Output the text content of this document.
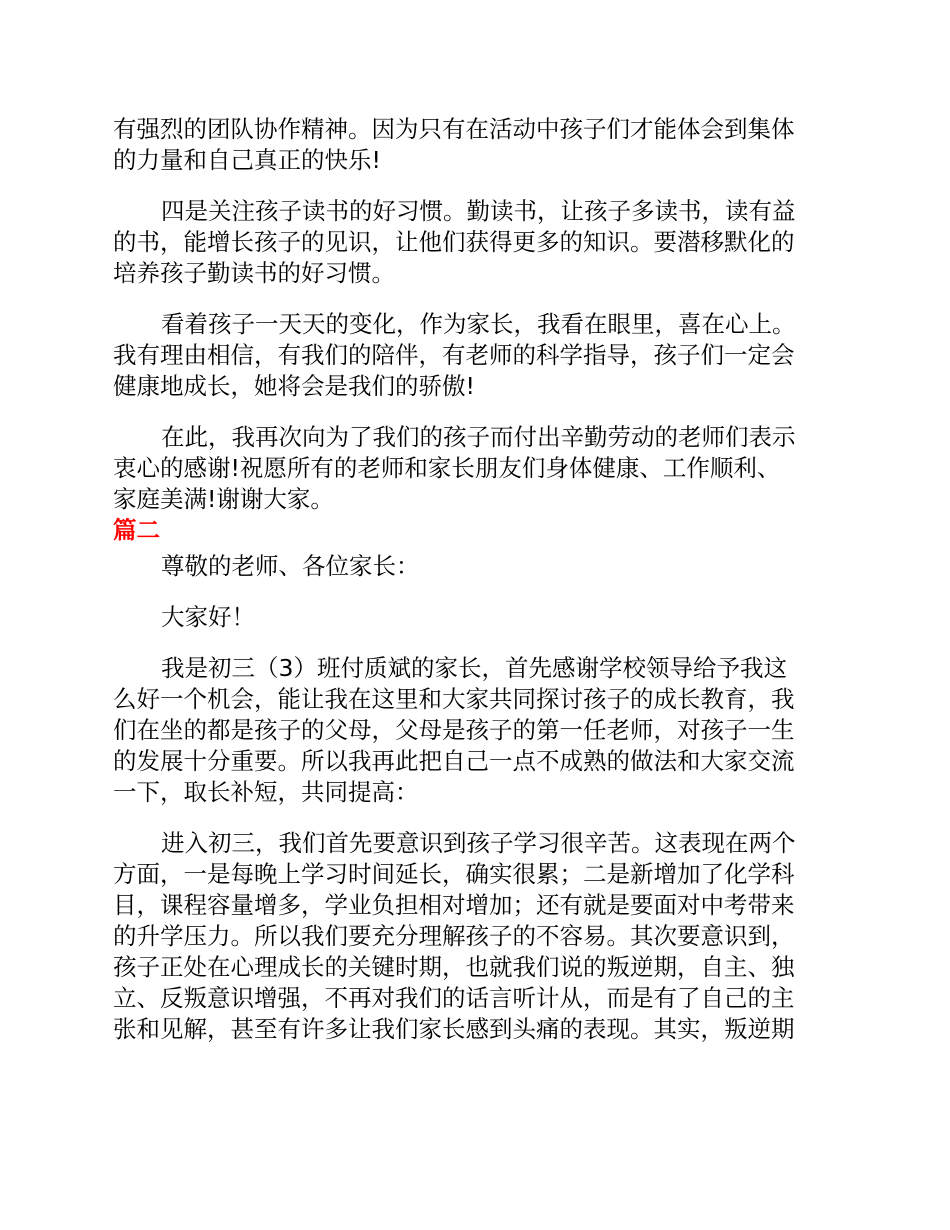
有强烈的团队协作精神。因为只有在活动中孩子们才能体会到集体
的力量和自己真正的快乐!
四是关注孩子读书的好习惯。勤读书，让孩子多读书，读有益
的书，能增长孩子的见识，让他们获得更多的知识。要潜移默化的
培养孩子勤读书的好习惯。
看着孩子一天天的变化，作为家长，我看在眼里，喜在心上。
我有理由相信，有我们的陪伴，有老师的科学指导，孩子们一定会
健康地成长，她将会是我们的骄傲!
在此，我再次向为了我们的孩子而付出辛勤劳动的老师们表示
衷心的感谢!祝愿所有的老师和家长朋友们身体健康、工作顺利、
家庭美满!谢谢大家。
篇二
尊敬的老师、各位家长：
大家好！
我是初三（3）班付质斌的家长，首先感谢学校领导给予我这
么好一个机会，能让我在这里和大家共同探讨孩子的成长教育，我
们在坐的都是孩子的父母，父母是孩子的第一任老师，对孩子一生
的发展十分重要。所以我再此把自己一点不成熟的做法和大家交流
一下，取长补短，共同提高：
进入初三，我们首先要意识到孩子学习很辛苦。这表现在两个
方面，一是每晚上学习时间延长，确实很累；二是新增加了化学科
目，课程容量增多，学业负担相对增加；还有就是要面对中考带来
的升学压力。所以我们要充分理解孩子的不容易。其次要意识到，
孩子正处在心理成长的关键时期，也就我们说的叛逆期，自主、独
立、反叛意识增强，不再对我们的话言听计从，而是有了自己的主
张和见解，甚至有许多让我们家长感到头痛的表现。其实，叛逆期
